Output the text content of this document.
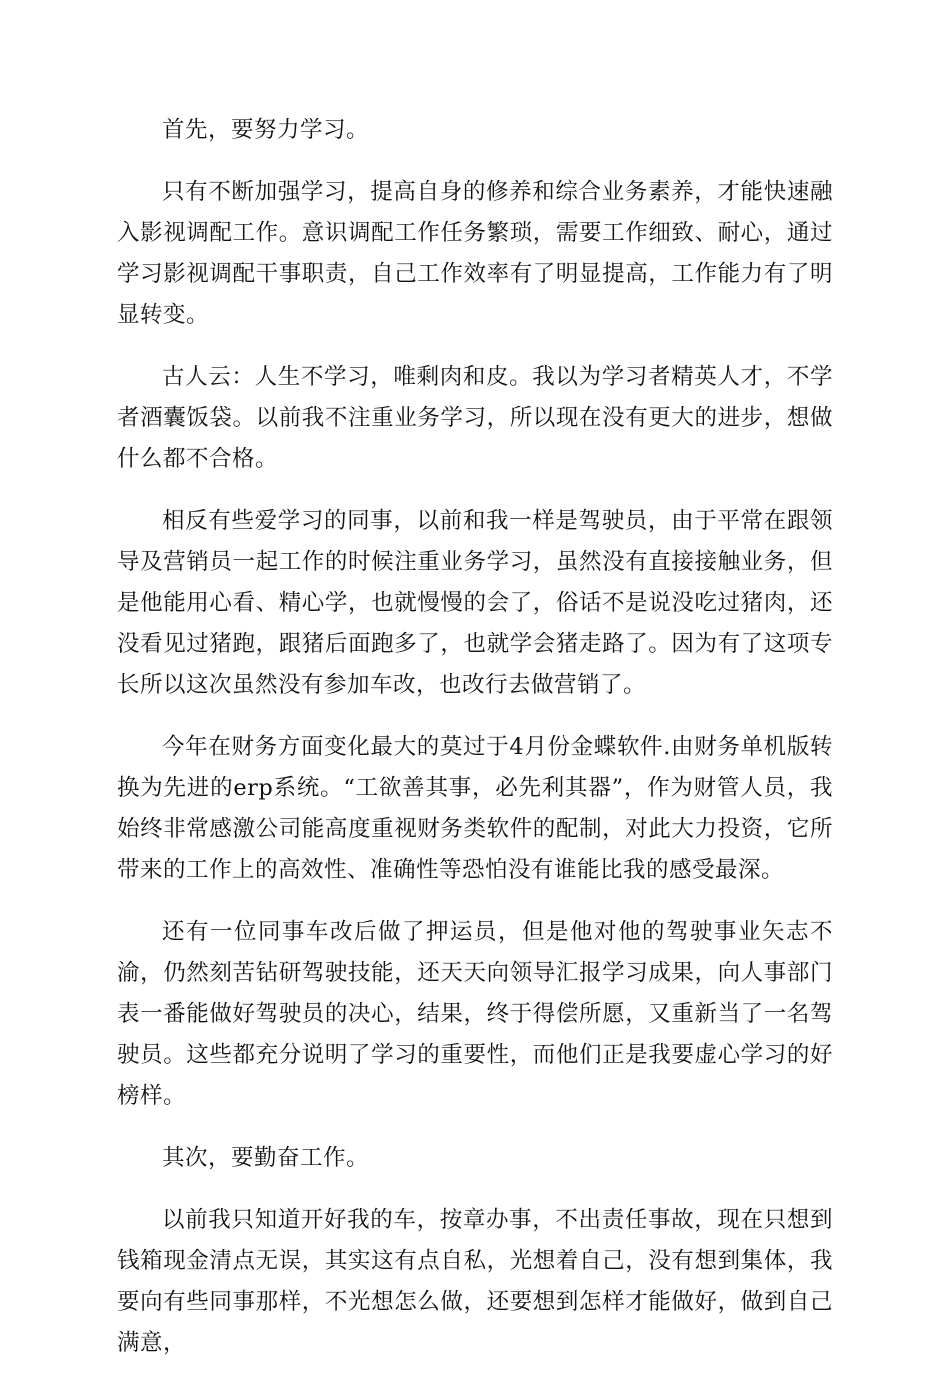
首先，要努力学习。

只有不断加强学习，提高自身的修养和综合业务素养，才能快速融入影视调配工作。意识调配工作任务繁琐，需要工作细致、耐心，通过学习影视调配干事职责，自己工作效率有了明显提高，工作能力有了明显转变。

古人云：人生不学习，唯剩肉和皮。我以为学习者精英人才，不学者酒囊饭袋。以前我不注重业务学习，所以现在没有更大的进步，想做什么都不合格。

相反有些爱学习的同事，以前和我一样是驾驶员，由于平常在跟领导及营销员一起工作的时候注重业务学习，虽然没有直接接触业务，但是他能用心看、精心学，也就慢慢的会了，俗话不是说没吃过猪肉，还没看见过猪跑，跟猪后面跑多了，也就学会猪走路了。因为有了这项专长所以这次虽然没有参加车改，也改行去做营销了。

今年在财务方面变化最大的莫过于4月份金蝶软件.由财务单机版转换为先进的erp系统。“工欲善其事，必先利其器”，作为财管人员，我始终非常感激公司能高度重视财务类软件的配制，对此大力投资，它所带来的工作上的高效性、准确性等恐怕没有谁能比我的感受最深。

还有一位同事车改后做了押运员，但是他对他的驾驶事业矢志不渝，仍然刻苦钻研驾驶技能，还天天向领导汇报学习成果，向人事部门表一番能做好驾驶员的决心，结果，终于得偿所愿，又重新当了一名驾驶员。这些都充分说明了学习的重要性，而他们正是我要虚心学习的好榜样。

其次，要勤奋工作。

以前我只知道开好我的车，按章办事，不出责任事故，现在只想到钱箱现金清点无误，其实这有点自私，光想着自己，没有想到集体，我要向有些同事那样，不光想怎么做，还要想到怎样才能做好，做到自己满意，
